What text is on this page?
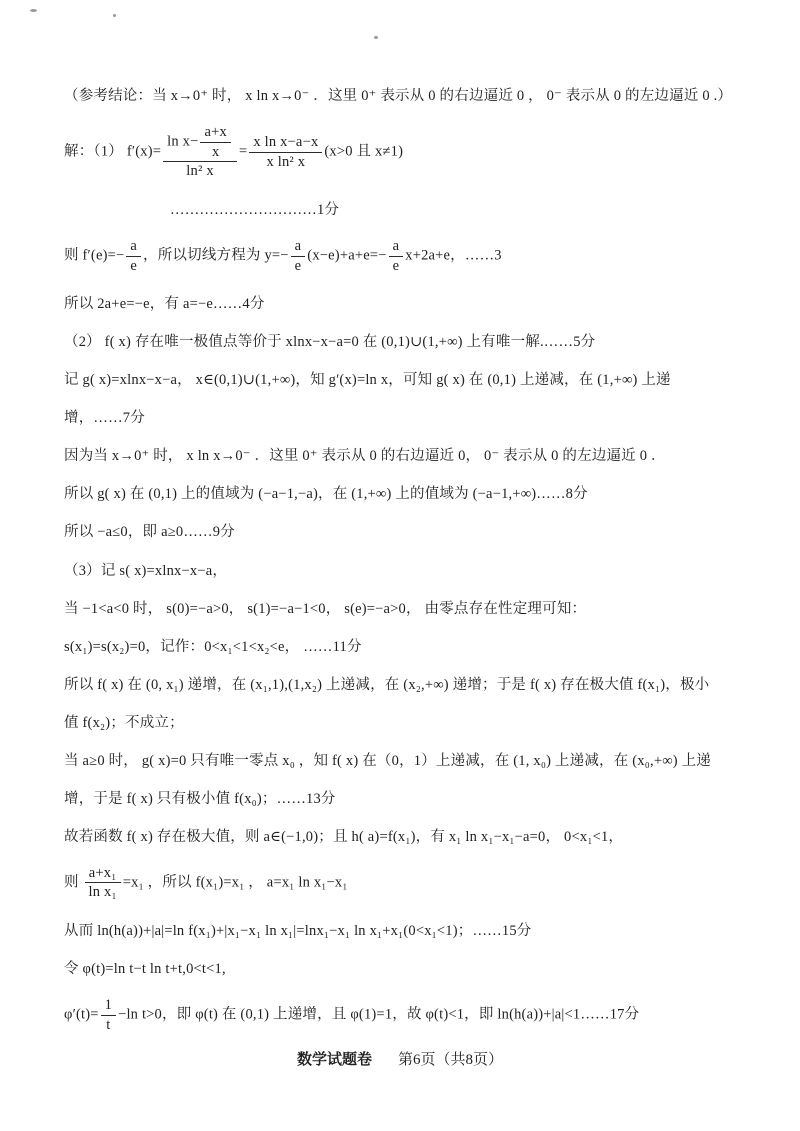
（参考结论：当 x→0⁺ 时， x ln x→0⁻ ．这里 0⁺ 表示从 0 的右边逼近 0 ， 0⁻ 表示从 0 的左边逼近 0 .）
解：（1） $f'(x)= \frac{\ln x- \frac{a+x}{x}}{\text{ln² x}} = \frac{\text{x ln x−a−x}}{\text{x ln² x}} (x>0$ 且 x≠1)
…………………………1分
则 $f'(e)=- \frac{a}{e}$ ，所以切线方程为 $y=- \frac{a}{e} (x-e)+a+e=- \frac{a}{e} x+2a+e$，……3
所以 2a+e=−e，有 a=−e……4分
（2） f( x) 存在唯一极值点等价于 xlnx−x−a=0 在 (0,1)∪(1,+∞) 上有唯一解.……5分
记 g( x)=xlnx−x−a， x∈(0,1)∪(1,+∞)，知 g′(x)=ln x，可知 g( x) 在 (0,1) 上递减，在 (1,+∞) 上递
增，……7分
因为当 x→0⁺ 时， x ln x→0⁻ ．这里 0⁺ 表示从 0 的右边逼近 0， 0⁻ 表示从 0 的左边逼近 0 ．
所以 g( x) 在 (0,1) 上的值域为 (−a−1,−a)，在 (1,+∞) 上的值域为 (−a−1,+∞)……8分
所以 −a≤0，即 a≥0……9分
（3）记 s( x)=xlnx−x−a，
当 −1<a<0 时， s(0)=−a>0， s(1)=−a−1<0， s(e)=−a>0， 由零点存在性定理可知：
s(x₁)=s(x₂)=0，记作：0<x₁<1<x₂<e， ……11分
所以 f( x) 在 (0, x₁) 递增，在 (x₁,1),(1,x₂) 上递减，在 (x₂,+∞) 递增；于是 f( x) 存在极大值 f(x₁)，极小
值 f(x₂)；不成立；
当 a≥0 时， g( x)=0 只有唯一零点 x₀ ，知 f( x) 在（0，1）上递减，在 (1, x₀) 上递减，在 (x₀,+∞) 上递
增，于是 f( x) 只有极小值 f(x₀)；……13分
故若函数 f( x) 存在极大值，则 a∈(−1,0)；且 h( a)=f(x₁)，有 x₁ ln x₁−x₁−a=0， 0<x₁<1，
则 $\frac{\text{a+x₁}}{\text{ln x₁}} =x_1$ ，所以 f(x₁)=x₁ ， a=x₁ ln x₁−x₁
从而 ln(h(a))+|a|=ln f(x₁)+|x₁−x₁ ln x₁|=lnx₁−x₁ ln x₁+x₁(0<x₁<1)；……15分
令 φ(t)=ln t−t ln t+t,0<t<1,
$\varphi'(t)= \frac{1}{t} -\ln$ t>0，即 φ(t) 在 (0,1) 上递增，且 φ(1)=1，故 φ(t)<1，即 ln(h(a))+|a|<1……17分
数学试题卷 第6页（共8页）
